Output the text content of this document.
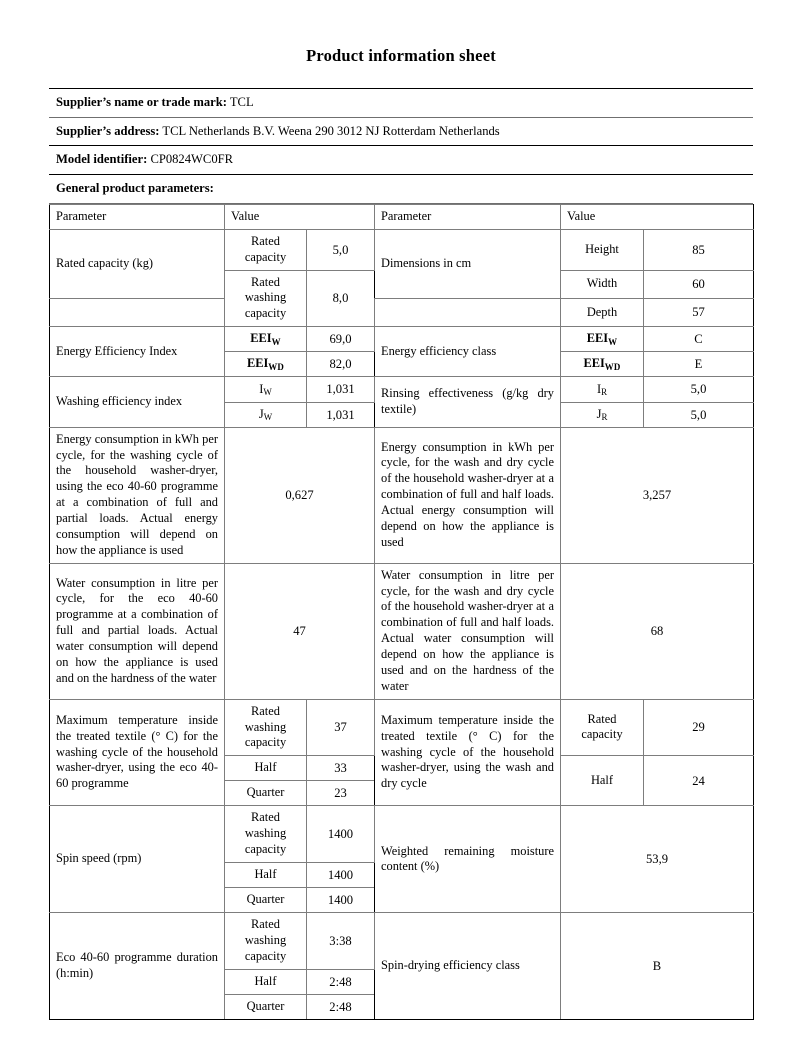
Product information sheet
Supplier’s name or trade mark: TCL
Supplier’s address: TCL Netherlands B.V. Weena 290 3012 NJ Rotterdam Netherlands
Model identifier: CP0824WC0FR
General product parameters:
Parameter	Value		Parameter	Value	
Rated capacity (kg)	Rated capacity	5,0	Dimensions in cm	Height	85
	Rated washing capacity	8,0		Width	60
				Depth	57
Energy Efficiency Index	$EEI_W$	69,0	Energy efficiency class	$EEI_W$	C
	$EEI_{WD}$	82,0		$EEI_{WD}$	E
Washing efficiency index	$I_W$	1,031	Rinsing effectiveness (g/kg dry textile)	$I_R$	5,0
	$J_W$	1,031		$J_R$	5,0
Energy consumption in kWh per cycle, for the washing cycle of the household washer-dryer, using the eco 40-60 programme at a combination of full and partial loads. Actual energy consumption will depend on how the appliance is used	0,627	Energy consumption in kWh per cycle, for the wash and dry cycle of the household washer-dryer at a combination of full and half loads. Actual energy consumption will depend on how the appliance is used	3,257
Water consumption in litre per cycle, for the eco 40-60 programme at a combination of full and partial loads. Actual water consumption will depend on how the appliance is used and on the hardness of the water	47	Water consumption in litre per cycle, for the wash and dry cycle of the household washer-dryer at a combination of full and half loads. Actual water consumption will depend on how the appliance is used and on the hardness of the water	68
Maximum temperature inside the treated textile (° C) for the washing cycle of the household washer-dryer, using the eco 40-60 programme	Rated washing capacity	37	Maximum temperature inside the treated textile (° C) for the washing cycle of the household washer-dryer, using the wash and dry cycle	Rated capacity	29
	Half	33		Half	24
	Quarter	23			
Spin speed (rpm)	Rated washing capacity	1400	Weighted remaining moisture content (%)	53,9	
	Half	1400			
	Quarter	1400			
Eco 40-60 programme duration (h:min)	Rated washing capacity	3:38	Spin-drying efficiency class	B	
	Half	2:48			
	Quarter	2:48			
